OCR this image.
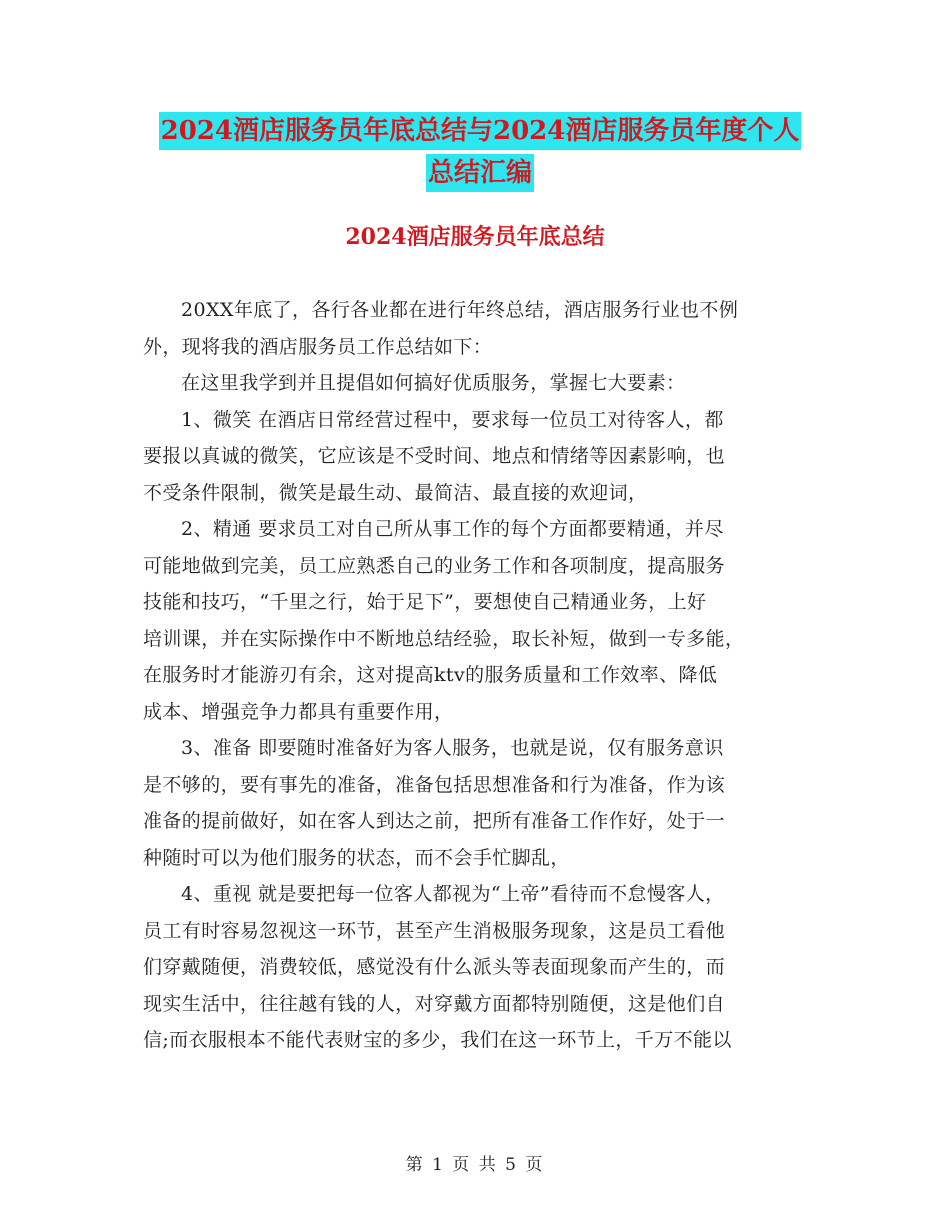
2024酒店服务员年底总结与2024酒店服务员年度个人
总结汇编
2024酒店服务员年底总结

20XX年底了，各行各业都在进行年终总结，酒店服务行业也不例
外，现将我的酒店服务员工作总结如下：

在这里我学到并且提倡如何搞好优质服务，掌握七大要素：

1、微笑 在酒店日常经营过程中，要求每一位员工对待客人，都
要报以真诚的微笑，它应该是不受时间、地点和情绪等因素影响，也
不受条件限制，微笑是最生动、最简洁、最直接的欢迎词，

2、精通 要求员工对自己所从事工作的每个方面都要精通，并尽
可能地做到完美，员工应熟悉自己的业务工作和各项制度，提高服务
技能和技巧，“千里之行，始于足下”，要想使自己精通业务，上好
培训课，并在实际操作中不断地总结经验，取长补短，做到一专多能，
在服务时才能游刃有余，这对提高ktv的服务质量和工作效率、降低
成本、增强竞争力都具有重要作用，

3、准备 即要随时准备好为客人服务，也就是说，仅有服务意识
是不够的，要有事先的准备，准备包括思想准备和行为准备，作为该
准备的提前做好，如在客人到达之前，把所有准备工作作好，处于一
种随时可以为他们服务的状态，而不会手忙脚乱，

4、重视 就是要把每一位客人都视为“上帝”看待而不怠慢客人，
员工有时容易忽视这一环节，甚至产生消极服务现象，这是员工看他
们穿戴随便，消费较低，感觉没有什么派头等表面现象而产生的，而
现实生活中，往往越有钱的人，对穿戴方面都特别随便，这是他们自
信;而衣服根本不能代表财宝的多少，我们在这一环节上，千万不能以

第 1 页 共 5 页
